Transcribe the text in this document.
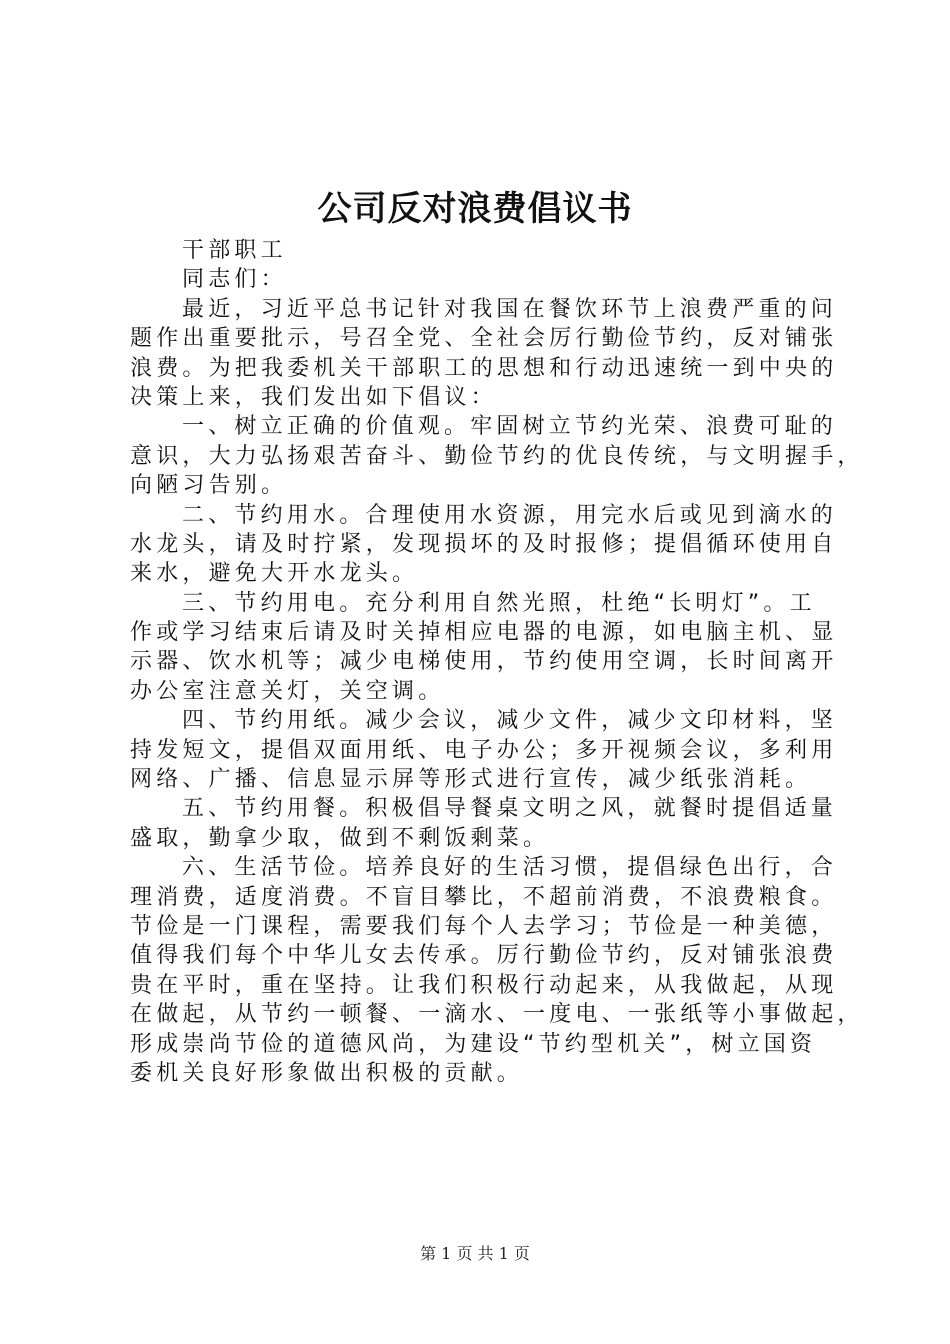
公司反对浪费倡议书
干部职工
同志们：
最近，习近平总书记针对我国在餐饮环节上浪费严重的问
题作出重要批示，号召全党、全社会厉行勤俭节约，反对铺张
浪费。为把我委机关干部职工的思想和行动迅速统一到中央的
决策上来，我们发出如下倡议：
一、树立正确的价值观。牢固树立节约光荣、浪费可耻的
意识，大力弘扬艰苦奋斗、勤俭节约的优良传统，与文明握手，
向陋习告别。
二、节约用水。合理使用水资源，用完水后或见到滴水的
水龙头，请及时拧紧，发现损坏的及时报修；提倡循环使用自
来水，避免大开水龙头。
三、节约用电。充分利用自然光照，杜绝“长明灯”。工
作或学习结束后请及时关掉相应电器的电源，如电脑主机、显
示器、饮水机等；减少电梯使用，节约使用空调，长时间离开
办公室注意关灯，关空调。
四、节约用纸。减少会议，减少文件，减少文印材料，坚
持发短文，提倡双面用纸、电子办公；多开视频会议，多利用
网络、广播、信息显示屏等形式进行宣传，减少纸张消耗。
五、节约用餐。积极倡导餐桌文明之风，就餐时提倡适量
盛取，勤拿少取，做到不剩饭剩菜。
六、生活节俭。培养良好的生活习惯，提倡绿色出行，合
理消费，适度消费。不盲目攀比，不超前消费，不浪费粮食。
节俭是一门课程，需要我们每个人去学习；节俭是一种美德，
值得我们每个中华儿女去传承。厉行勤俭节约，反对铺张浪费
贵在平时，重在坚持。让我们积极行动起来，从我做起，从现
在做起，从节约一顿餐、一滴水、一度电、一张纸等小事做起，
形成崇尚节俭的道德风尚，为建设“节约型机关”，树立国资
委机关良好形象做出积极的贡献。
第 1 页 共 1 页
